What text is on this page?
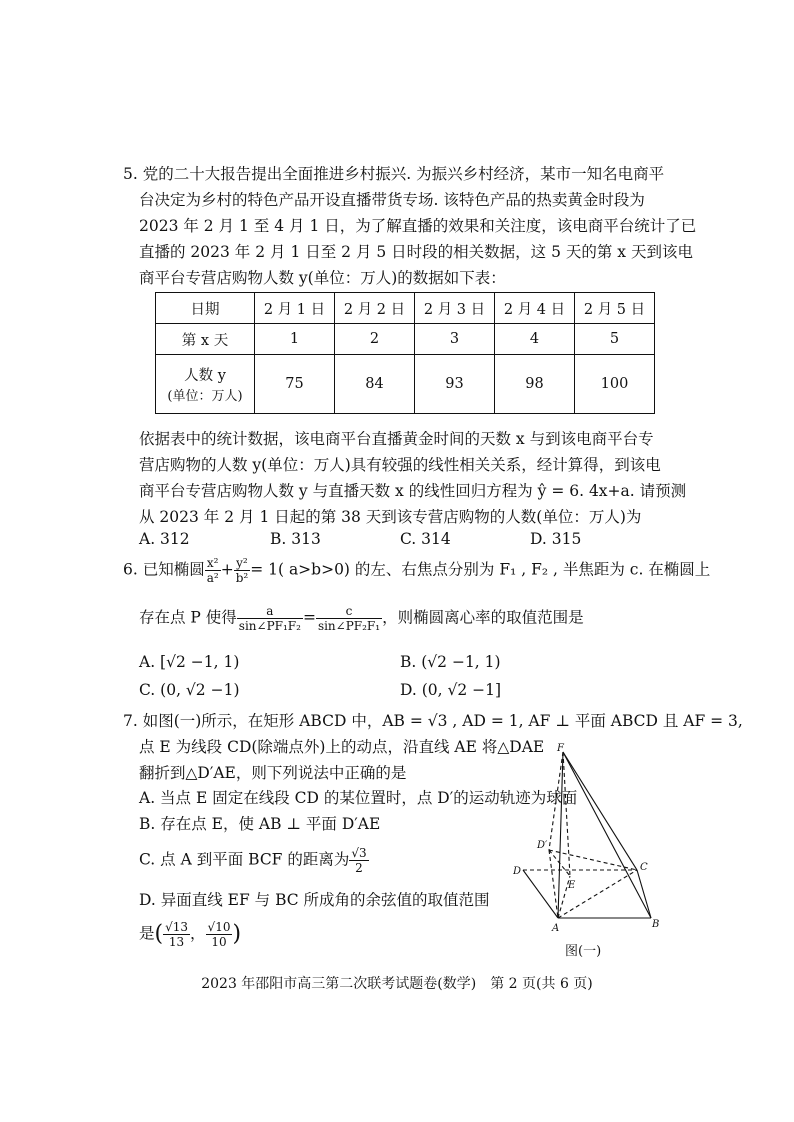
5. 党的二十大报告提出全面推进乡村振兴. 为振兴乡村经济，某市一知名电商平
台决定为乡村的特色产品开设直播带货专场. 该特色产品的热卖黄金时段为
2023 年 2 月 1 至 4 月 1 日，为了解直播的效果和关注度，该电商平台统计了已
直播的 2023 年 2 月 1 日至 2 月 5 日时段的相关数据，这 5 天的第 x 天到该电
商平台专营店购物人数 y(单位：万人)的数据如下表：
日期	2 月 1 日	2 月 2 日	2 月 3 日	2 月 4 日	2 月 5 日
第 x 天	1	2	3	4	5

人数 y
(单位：万人)	75	84	93	98	100
依据表中的统计数据，该电商平台直播黄金时间的天数 x 与到该电商平台专
营店购物的人数 y(单位：万人)具有较强的线性相关关系，经计算得，到该电
商平台专营店购物人数 y 与直播天数 x 的线性回归方程为 ŷ = 6. 4x+a. 请预测
从 2023 年 2 月 1 日起的第 38 天到该专营店购物的人数(单位：万人)为
A. 312	B. 313	C. 314	D. 315
6. 已知椭圆 $\frac{\text{x²}}{\text{a²}} + \frac{\text{y²}}{\text{b²}} = 1$( a>b>0) 的左、右焦点分别为 F₁ , F₂ , 半焦距为 c. 在椭圆上
存在点 P 使得 $\frac{a}{\text{sin∠PF₁F₂}} = \frac{c}{\text{sin∠PF₂F₁}}$ ，则椭圆离心率的取值范围是
A. [√2 −1, 1)	B. (√2 −1, 1)
C. (0, √2 −1)	D. (0, √2 −1]
7. 如图(一)所示，在矩形 ABCD 中，AB = √3 , AD = 1, AF ⊥ 平面 ABCD 且 AF = 3,
点 E 为线段 CD(除端点外)上的动点，沿直线 AE 将△DAE
翻折到△D′AE，则下列说法中正确的是
A. 当点 E 固定在线段 CD 的某位置时，点 D′的运动轨迹为球面
B. 存在点 E，使 AB ⊥ 平面 D′AE
C. 点 A 到平面 BCF 的距离为 $\frac{√3}{2}$
D. 异面直线 EF 与 BC 所成角的余弦值的取值范围
是( $\frac{√13}{13}$ ， $\frac{√10}{10}$ )
F
D
D′
E
C
A	B
图(一)
2023 年邵阳市高三第二次联考试题卷(数学)　第 2 页(共 6 页)
